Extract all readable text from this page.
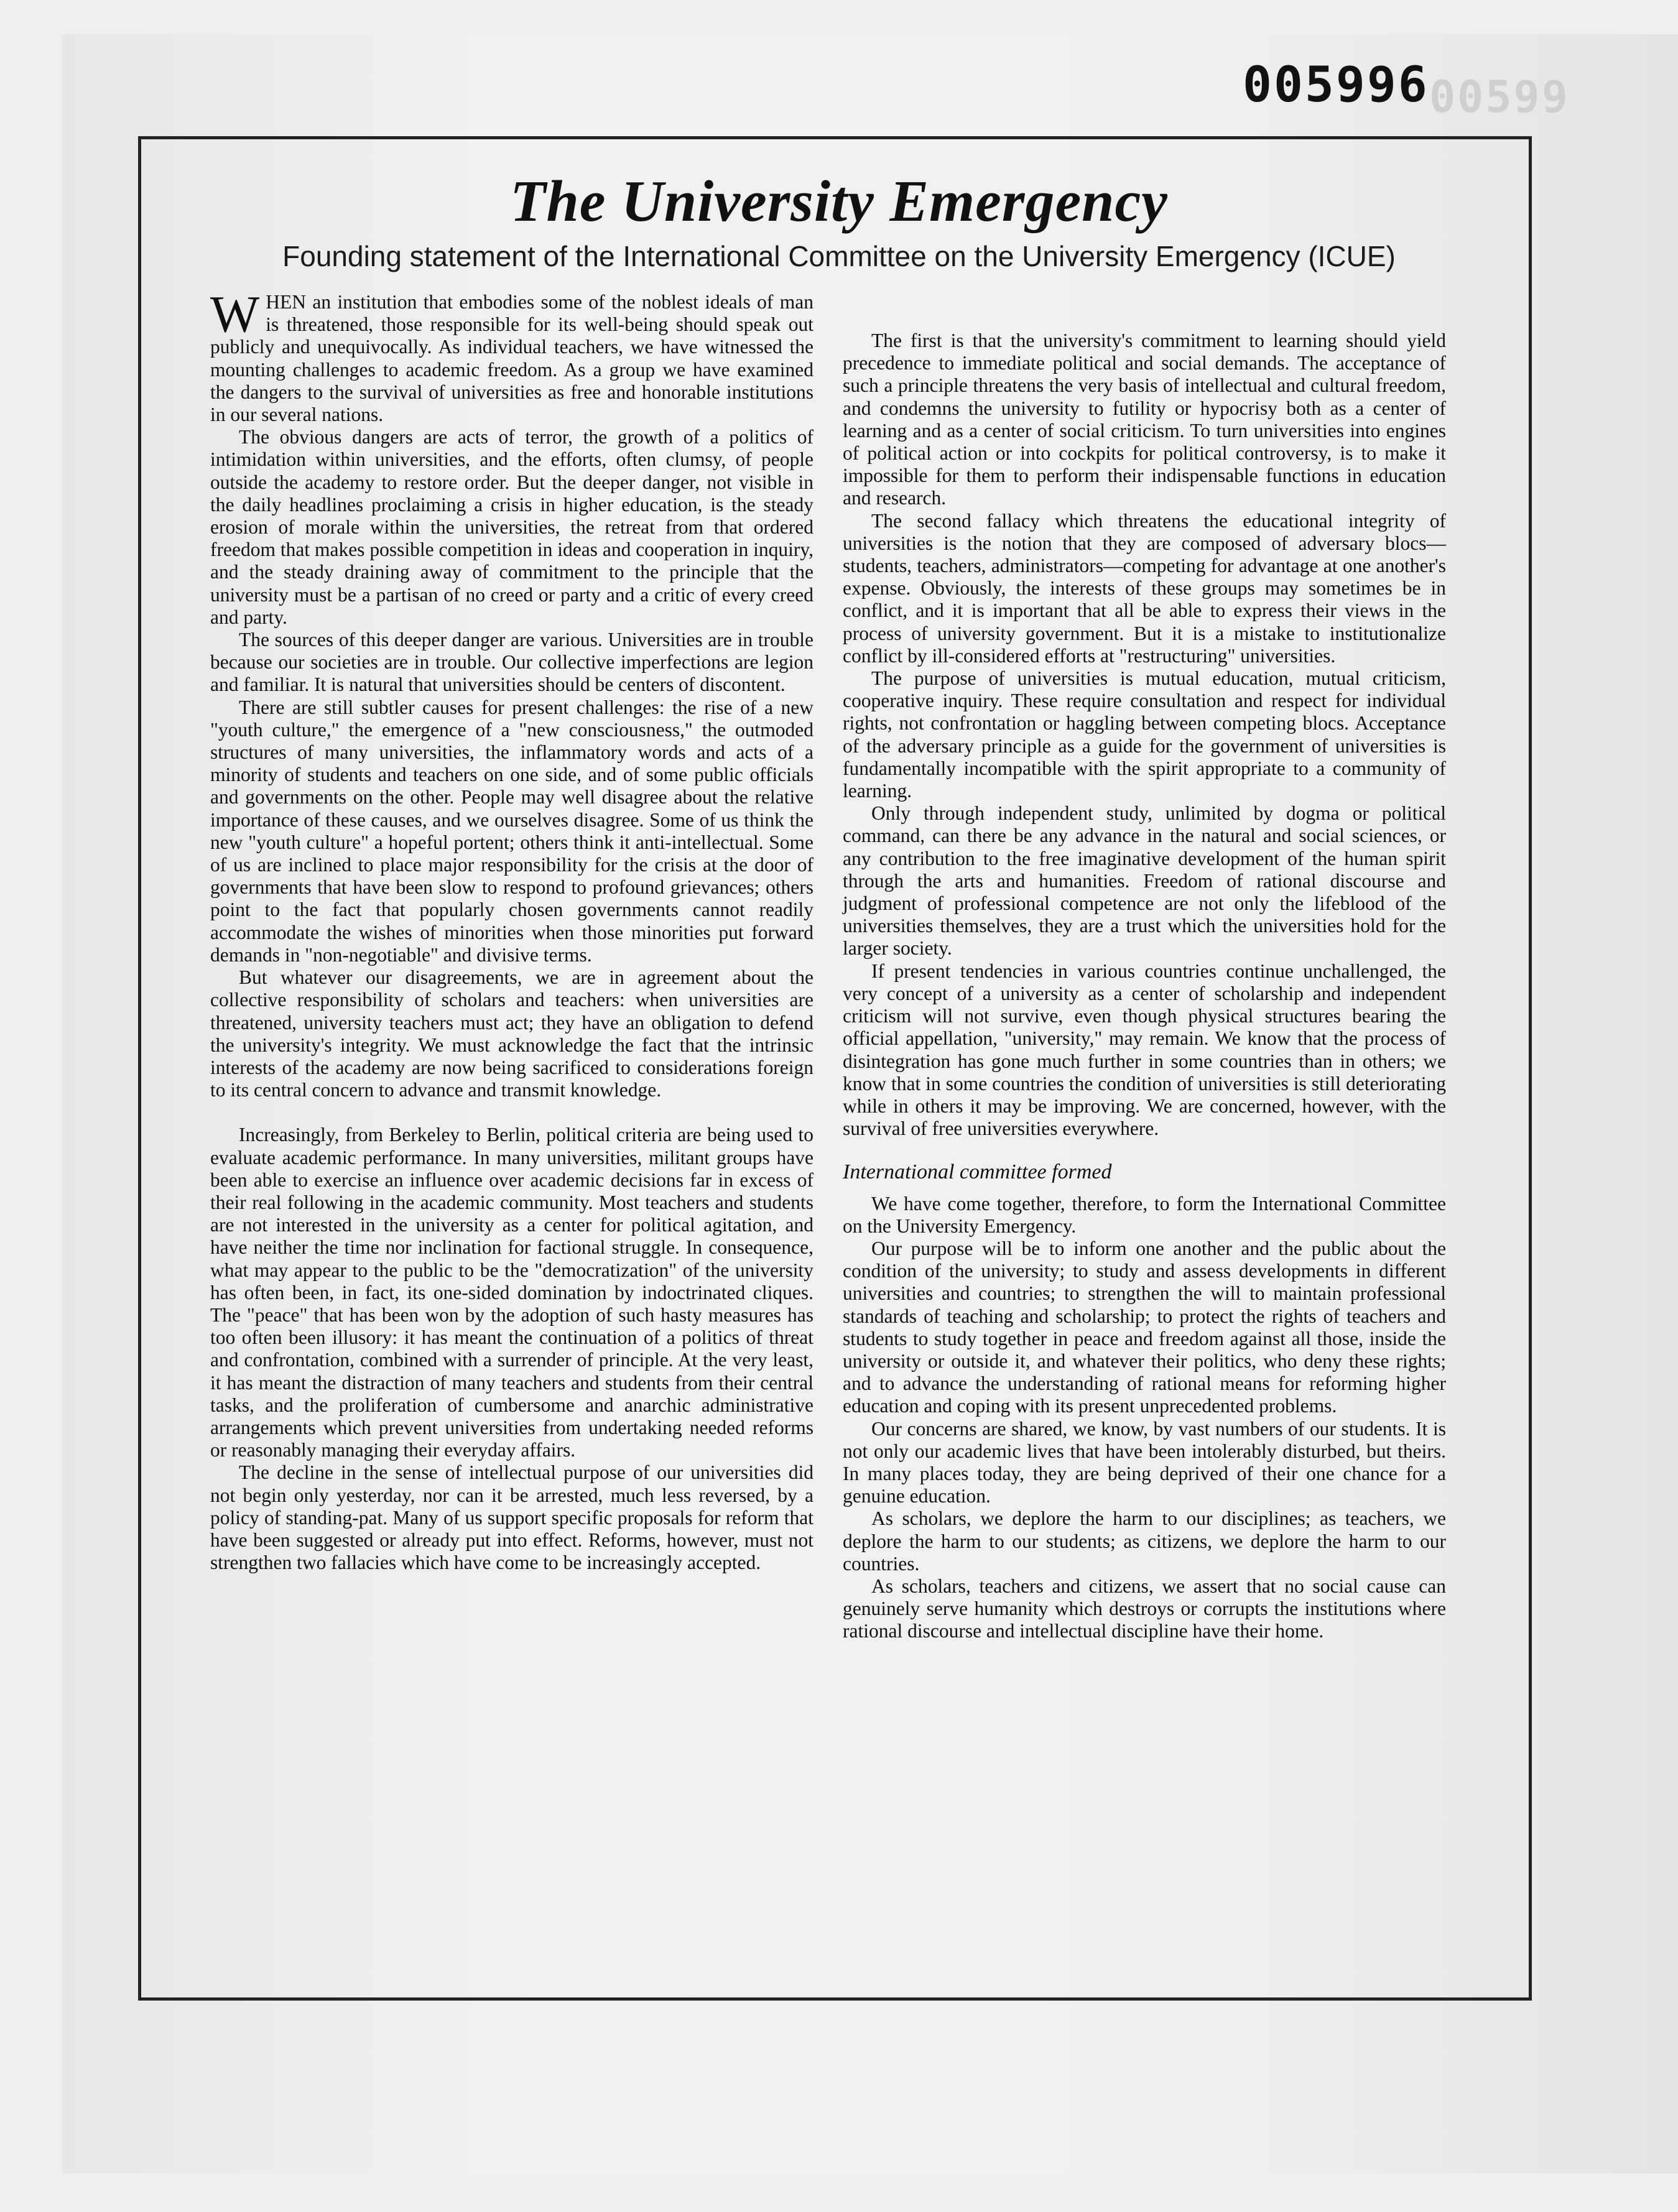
00599
005996
The University Emergency
Founding statement of the International Committee on the University Emergency (ICUE)

WHEN an institution that embodies some of the noblest ideals of man is threatened, those responsible for its well-being should speak out publicly and unequivocally. As individual teachers, we have witnessed the mounting challenges to academic freedom. As a group we have examined the dangers to the survival of universities as free and honorable institutions in our several nations.

The obvious dangers are acts of terror, the growth of a politics of intimidation within universities, and the efforts, often clumsy, of people outside the academy to restore order. But the deeper danger, not visible in the daily headlines proclaiming a crisis in higher education, is the steady erosion of morale within the universities, the retreat from that ordered freedom that makes possible competition in ideas and cooperation in inquiry, and the steady draining away of commitment to the principle that the university must be a partisan of no creed or party and a critic of every creed and party.

The sources of this deeper danger are various. Universities are in trouble because our societies are in trouble. Our collective imperfections are legion and familiar. It is natural that universities should be centers of discontent.

There are still subtler causes for present challenges: the rise of a new "youth culture," the emergence of a "new consciousness," the outmoded structures of many universities, the inflammatory words and acts of a minority of students and teachers on one side, and of some public officials and governments on the other. People may well disagree about the relative importance of these causes, and we ourselves disagree. Some of us think the new "youth culture" a hopeful portent; others think it anti-intellectual. Some of us are inclined to place major responsibility for the crisis at the door of governments that have been slow to respond to profound grievances; others point to the fact that popularly chosen governments cannot readily accommodate the wishes of minorities when those minorities put forward demands in "non-negotiable" and divisive terms.

But whatever our disagreements, we are in agreement about the collective responsibility of scholars and teachers: when universities are threatened, university teachers must act; they have an obligation to defend the university's integrity. We must acknowledge the fact that the intrinsic interests of the academy are now being sacrificed to considerations foreign to its central concern to advance and transmit knowledge.

Increasingly, from Berkeley to Berlin, political criteria are being used to evaluate academic performance. In many universities, militant groups have been able to exercise an influence over academic decisions far in excess of their real following in the academic community. Most teachers and students are not interested in the university as a center for political agitation, and have neither the time nor inclination for factional struggle. In consequence, what may appear to the public to be the "democratization" of the university has often been, in fact, its one-sided domination by indoctrinated cliques. The "peace" that has been won by the adoption of such hasty measures has too often been illusory: it has meant the continuation of a politics of threat and confrontation, combined with a surrender of principle. At the very least, it has meant the distraction of many teachers and students from their central tasks, and the proliferation of cumbersome and anarchic administrative arrangements which prevent universities from undertaking needed reforms or reasonably managing their everyday affairs.

The decline in the sense of intellectual purpose of our universities did not begin only yesterday, nor can it be arrested, much less reversed, by a policy of standing-pat. Many of us support specific proposals for reform that have been suggested or already put into effect. Reforms, however, must not strengthen two fallacies which have come to be increasingly accepted.

The first is that the university's commitment to learning should yield precedence to immediate political and social demands. The acceptance of such a principle threatens the very basis of intellectual and cultural freedom, and condemns the university to futility or hypocrisy both as a center of learning and as a center of social criticism. To turn universities into engines of political action or into cockpits for political controversy, is to make it impossible for them to perform their indispensable functions in education and research.

The second fallacy which threatens the educational integrity of universities is the notion that they are composed of adversary blocs—students, teachers, administrators—competing for advantage at one another's expense. Obviously, the interests of these groups may sometimes be in conflict, and it is important that all be able to express their views in the process of university government. But it is a mistake to institutionalize conflict by ill-considered efforts at "restructuring" universities.

The purpose of universities is mutual education, mutual criticism, cooperative inquiry. These require consultation and respect for individual rights, not confrontation or haggling between competing blocs. Acceptance of the adversary principle as a guide for the government of universities is fundamentally incompatible with the spirit appropriate to a community of learning.

Only through independent study, unlimited by dogma or political command, can there be any advance in the natural and social sciences, or any contribution to the free imaginative development of the human spirit through the arts and humanities. Freedom of rational discourse and judgment of professional competence are not only the lifeblood of the universities themselves, they are a trust which the universities hold for the larger society.

If present tendencies in various countries continue unchallenged, the very concept of a university as a center of scholarship and independent criticism will not survive, even though physical structures bearing the official appellation, "university," may remain. We know that the process of disintegration has gone much further in some countries than in others; we know that in some countries the condition of universities is still deteriorating while in others it may be improving. We are concerned, however, with the survival of free universities everywhere.

International committee formed

We have come together, therefore, to form the International Committee on the University Emergency.

Our purpose will be to inform one another and the public about the condition of the university; to study and assess developments in different universities and countries; to strengthen the will to maintain professional standards of teaching and scholarship; to protect the rights of teachers and students to study together in peace and freedom against all those, inside the university or outside it, and whatever their politics, who deny these rights; and to advance the understanding of rational means for reforming higher education and coping with its present unprecedented problems.

Our concerns are shared, we know, by vast numbers of our students. It is not only our academic lives that have been intolerably disturbed, but theirs. In many places today, they are being deprived of their one chance for a genuine education.

As scholars, we deplore the harm to our disciplines; as teachers, we deplore the harm to our students; as citizens, we deplore the harm to our countries.

As scholars, teachers and citizens, we assert that no social cause can genuinely serve humanity which destroys or corrupts the institutions where rational discourse and intellectual discipline have their home.
